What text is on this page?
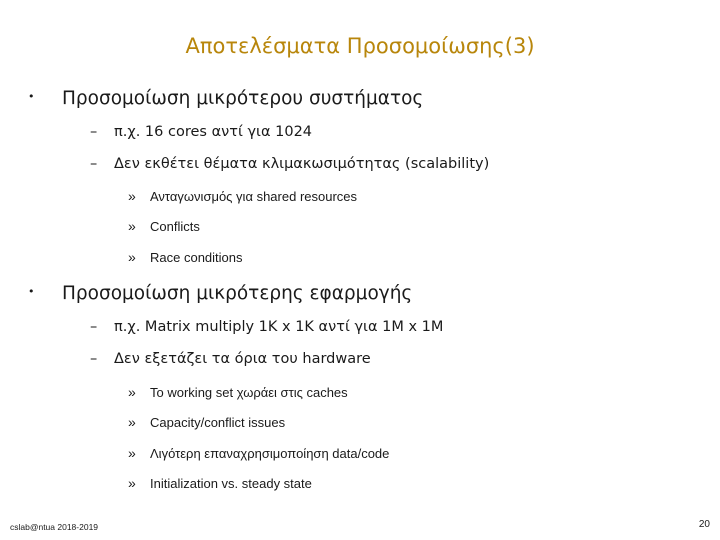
Αποτελέσματα Προσομοίωσης(3)
•	Προσομοίωση μικρότερου συστήματος
–	π.χ. 16 cores αντί για 1024
–	Δεν εκθέτει θέματα κλιμακωσιμότητας (scalability)
»	Ανταγωνισμός για shared resources
»	Conflicts
»	Race conditions
•	Προσομοίωση μικρότερης εφαρμογής
–	π.χ. Matrix multiply 1K x 1K αντί για 1M x 1M
–	Δεν εξετάζει τα όρια του hardware
»	Το working set χωράει στις caches
»	Capacity/conflict issues
»	Λιγότερη επαναχρησιμοποίηση data/code
»	Initialization vs. steady state
cslab@ntua 2018-2019	20
